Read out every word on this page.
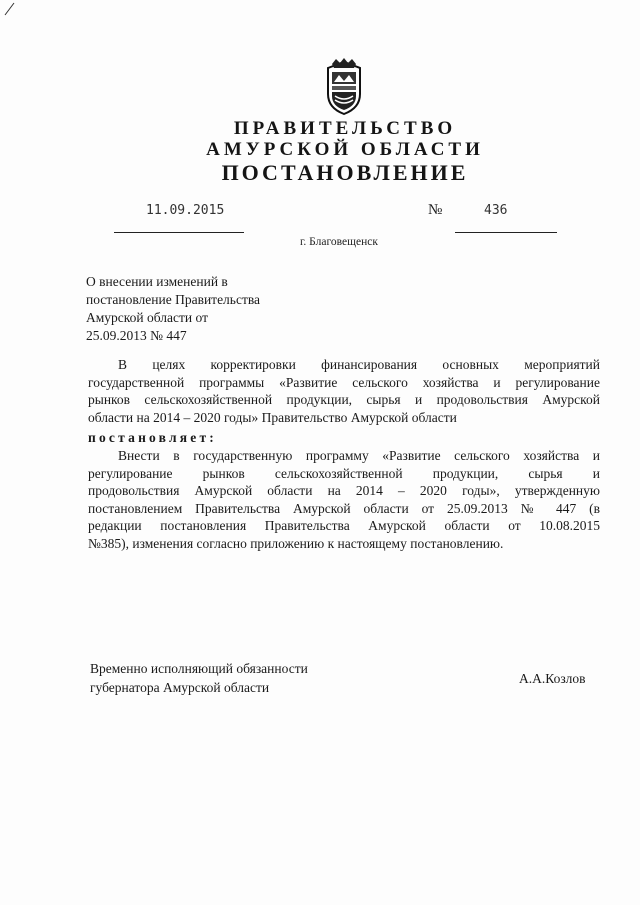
ПРАВИТЕЛЬСТВО
АМУРСКОЙ ОБЛАСТИ
ПОСТАНОВЛЕНИЕ
11.09.2015	№	436
г. Благовещенск
О внесении изменений в
постановление Правительства
Амурской области от
25.09.2013 № 447
В целях корректировки финансирования основных мероприятий
государственной программы «Развитие сельского хозяйства и регулирование
рынков сельскохозяйственной продукции, сырья и продовольствия Амурской
области на 2014 – 2020 годы» Правительство Амурской области
постановляет:
Внести в государственную программу «Развитие сельского хозяйства и
регулирование рынков сельскохозяйственной продукции, сырья и
продовольствия Амурской области на 2014 – 2020 годы», утвержденную
постановлением Правительства Амурской области от 25.09.2013 № 447 (в
редакции постановления Правительства Амурской области от 10.08.2015
№385), изменения согласно приложению к настоящему постановлению.
Временно исполняющий обязанности
губернатора Амурской области
А.А.Козлов
